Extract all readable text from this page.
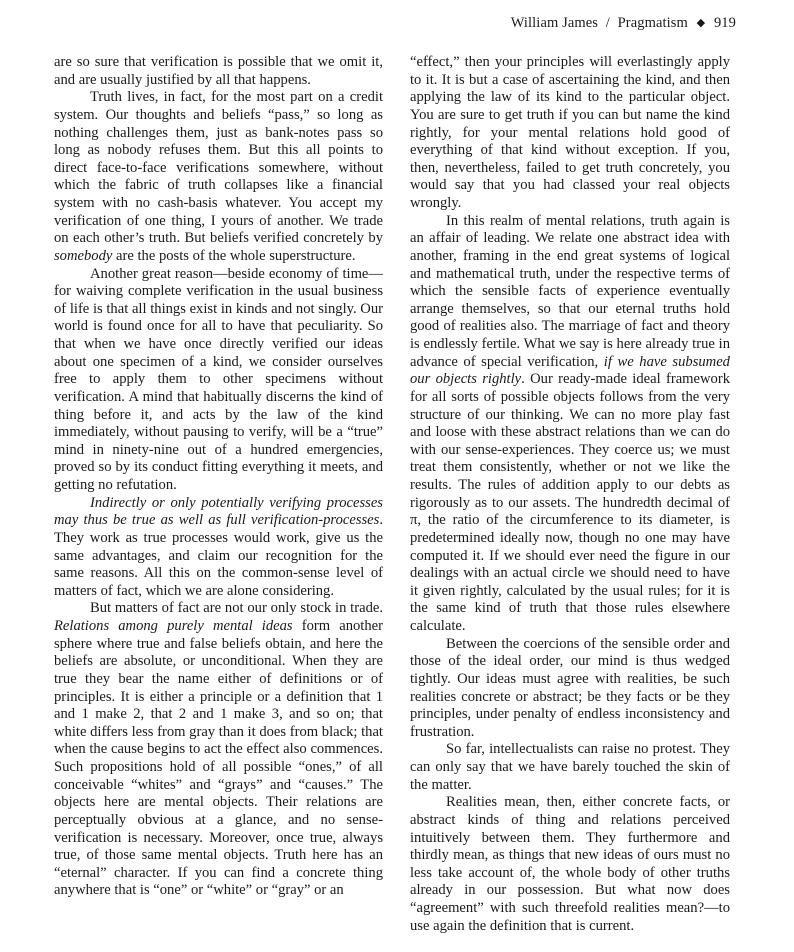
William James / Pragmatism ◆ 919

are so sure that verification is possible that we omit it, and are usually justified by all that happens.

Truth lives, in fact, for the most part on a credit system. Our thoughts and beliefs “pass,” so long as nothing challenges them, just as bank-notes pass so long as nobody refuses them. But this all points to direct face-to-face verifications somewhere, without which the fabric of truth collapses like a financial system with no cash-basis whatever. You accept my verification of one thing, I yours of another. We trade on each other’s truth. But beliefs verified concretely by somebody are the posts of the whole superstructure.

Another great reason—beside economy of time—for waiving complete verification in the usual business of life is that all things exist in kinds and not singly. Our world is found once for all to have that peculiarity. So that when we have once directly verified our ideas about one specimen of a kind, we consider ourselves free to apply them to other specimens without verification. A mind that habitually discerns the kind of thing before it, and acts by the law of the kind immediately, without pausing to verify, will be a “true” mind in ninety-nine out of a hundred emergencies, proved so by its conduct fitting everything it meets, and getting no refutation.

Indirectly or only potentially verifying processes may thus be true as well as full verification-processes. They work as true processes would work, give us the same advantages, and claim our recognition for the same reasons. All this on the common-sense level of matters of fact, which we are alone considering.

But matters of fact are not our only stock in trade. Relations among purely mental ideas form another sphere where true and false beliefs obtain, and here the beliefs are absolute, or unconditional. When they are true they bear the name either of definitions or of principles. It is either a principle or a definition that 1 and 1 make 2, that 2 and 1 make 3, and so on; that white differs less from gray than it does from black; that when the cause begins to act the effect also commences. Such propositions hold of all possible “ones,” of all conceivable “whites” and “grays” and “causes.” The objects here are mental objects. Their relations are perceptually obvious at a glance, and no sense-verification is necessary. Moreover, once true, always true, of those same mental objects. Truth here has an “eternal” character. If you can find a concrete thing anywhere that is “one” or “white” or “gray” or an

“effect,” then your principles will everlastingly apply to it. It is but a case of ascertaining the kind, and then applying the law of its kind to the particular object. You are sure to get truth if you can but name the kind rightly, for your mental relations hold good of everything of that kind without exception. If you, then, nevertheless, failed to get truth concretely, you would say that you had classed your real objects wrongly.

In this realm of mental relations, truth again is an affair of leading. We relate one abstract idea with another, framing in the end great systems of logical and mathematical truth, under the respective terms of which the sensible facts of experience eventually arrange themselves, so that our eternal truths hold good of realities also. The marriage of fact and theory is endlessly fertile. What we say is here already true in advance of special verification, if we have subsumed our objects rightly. Our ready-made ideal framework for all sorts of possible objects follows from the very structure of our thinking. We can no more play fast and loose with these abstract relations than we can do with our sense-experiences. They coerce us; we must treat them consistently, whether or not we like the results. The rules of addition apply to our debts as rigorously as to our assets. The hundredth decimal of π, the ratio of the circumference to its diameter, is predetermined ideally now, though no one may have computed it. If we should ever need the figure in our dealings with an actual circle we should need to have it given rightly, calculated by the usual rules; for it is the same kind of truth that those rules elsewhere calculate.

Between the coercions of the sensible order and those of the ideal order, our mind is thus wedged tightly. Our ideas must agree with realities, be such realities concrete or abstract; be they facts or be they principles, under penalty of endless inconsistency and frustration.

So far, intellectualists can raise no protest. They can only say that we have barely touched the skin of the matter.

Realities mean, then, either concrete facts, or abstract kinds of thing and relations perceived intuitively between them. They furthermore and thirdly mean, as things that new ideas of ours must no less take account of, the whole body of other truths already in our possession. But what now does “agreement” with such threefold realities mean?—to use again the definition that is current.
